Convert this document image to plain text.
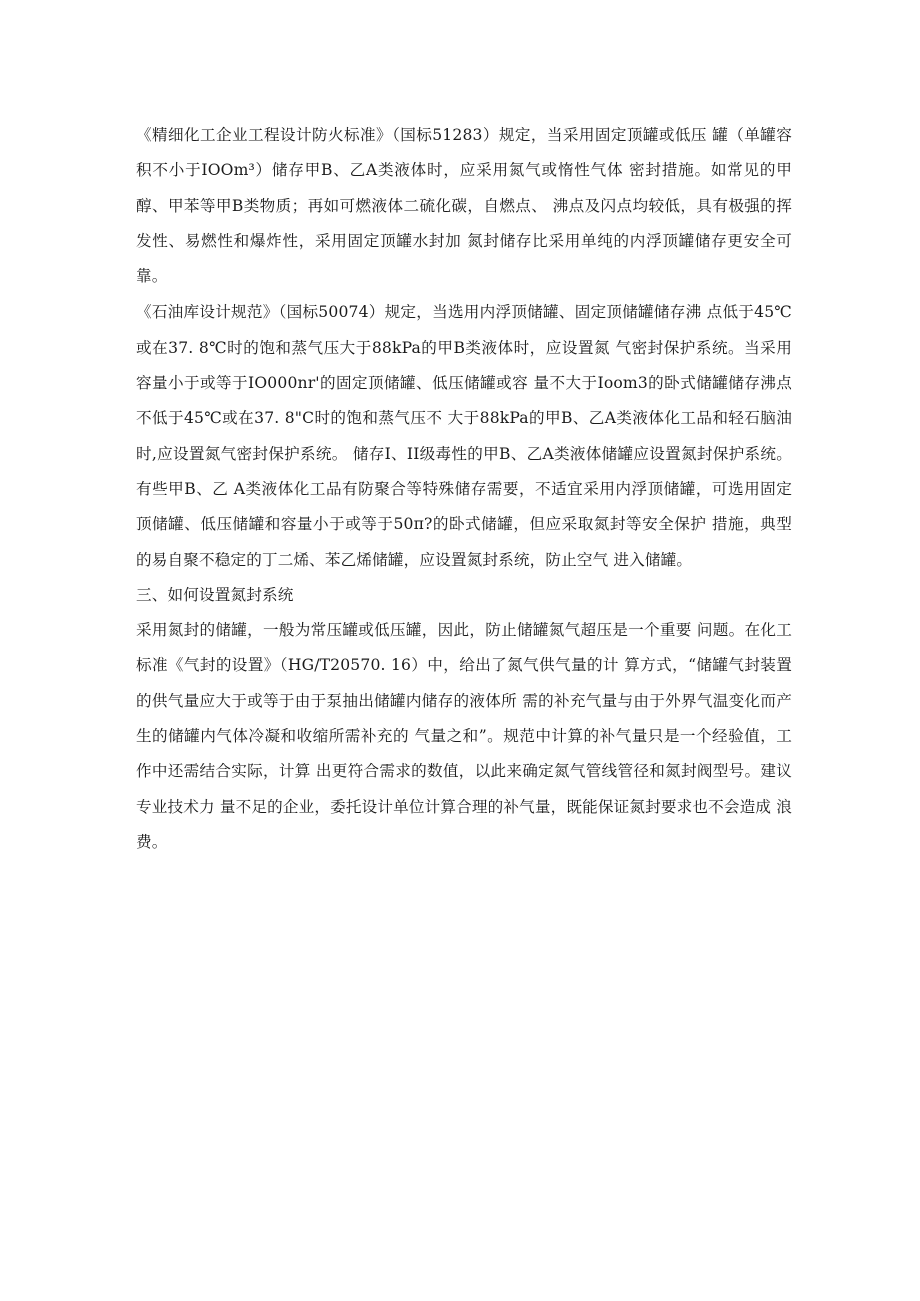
《精细化工企业工程设计防火标准》（国标51283）规定，当采用固定顶罐或低压 罐（单罐容积不小于IOOm³）储存甲B、乙A类液体时，应采用氮气或惰性气体 密封措施。如常见的甲醇、甲苯等甲B类物质；再如可燃液体二硫化碳，自燃点、 沸点及闪点均较低，具有极强的挥发性、易燃性和爆炸性，采用固定顶罐水封加 氮封储存比采用单纯的内浮顶罐储存更安全可靠。

《石油库设计规范》（国标50074）规定，当选用内浮顶储罐、固定顶储罐储存沸 点低于45℃或在37. 8℃时的饱和蒸气压大于88kPa的甲B类液体时，应设置氮 气密封保护系统。当采用容量小于或等于IO000nr'的固定顶储罐、低压储罐或容 量不大于Ioom3的卧式储罐储存沸点不低于45℃或在37. 8"C时的饱和蒸气压不 大于88kPa的甲B、乙A类液体化工品和轻石脑油时,应设置氮气密封保护系统。 储存I、II级毒性的甲B、乙A类液体储罐应设置氮封保护系统。有些甲B、乙 A类液体化工品有防聚合等特殊储存需要，不适宜采用内浮顶储罐，可选用固定 顶储罐、低压储罐和容量小于或等于50π?的卧式储罐，但应采取氮封等安全保护 措施，典型的易自聚不稳定的丁二烯、苯乙烯储罐，应设置氮封系统，防止空气 进入储罐。

三、如何设置氮封系统

采用氮封的储罐，一般为常压罐或低压罐，因此，防止储罐氮气超压是一个重要 问题。在化工标准《气封的设置》（HG/T20570. 16）中，给出了氮气供气量的计 算方式，“储罐气封装置的供气量应大于或等于由于泵抽出储罐内储存的液体所 需的补充气量与由于外界气温变化而产生的储罐内气体冷凝和收缩所需补充的 气量之和”。规范中计算的补气量只是一个经验值，工作中还需结合实际，计算 出更符合需求的数值，以此来确定氮气管线管径和氮封阀型号。建议专业技术力 量不足的企业，委托设计单位计算合理的补气量，既能保证氮封要求也不会造成 浪费。
